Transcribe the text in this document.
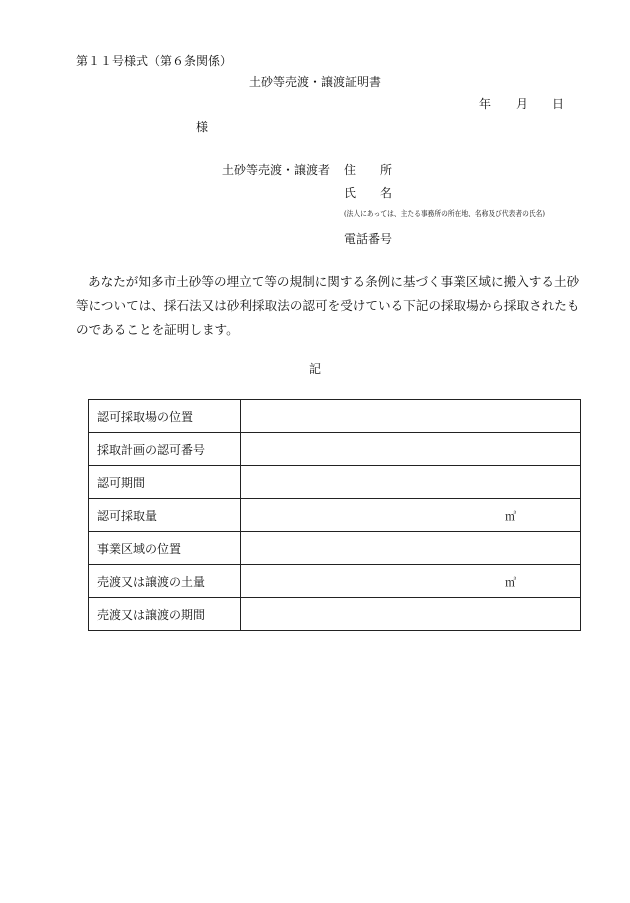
第１１号様式（第６条関係）
土砂等売渡・譲渡証明書
年 月 日
様
土砂等売渡・譲渡者 住　　所
氏　　名
(法人にあっては、主たる事務所の所在地、名称及び代表者の氏名)
電話番号

あなたが知多市土砂等の埋立て等の規制に関する条例に基づく事業区域に搬入する土砂

等については、採石法又は砂利採取法の認可を受けている下記の採取場から採取されたも

のであることを証明します。

記
認可採取場の位置	
採取計画の認可番号	
認可期間	
認可採取量	㎥

事業区域の位置	
売渡又は譲渡の土量	㎥

売渡又は譲渡の期間	
